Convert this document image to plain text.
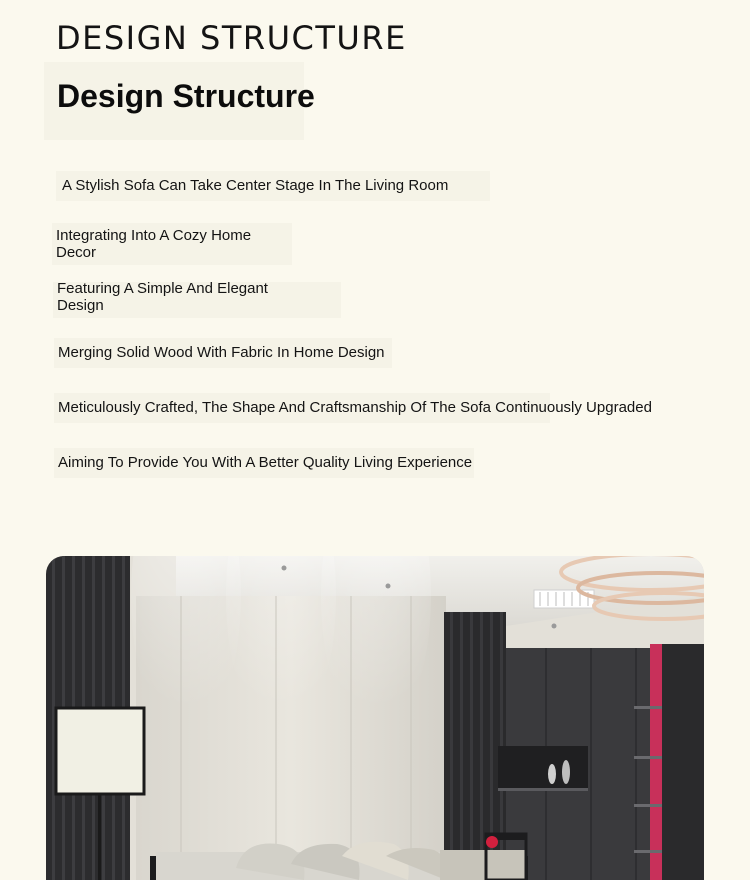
DESIGN STRUCTURE
Design Structure
A Stylish Sofa Can Take Center Stage In The Living Room
Integrating Into A Cozy Home Decor
Featuring A Simple And Elegant Design
Merging Solid Wood With Fabric In Home Design
Meticulously Crafted, The Shape And Craftsmanship Of The Sofa Continuously Upgraded
Aiming To Provide You With A Better Quality Living Experience
